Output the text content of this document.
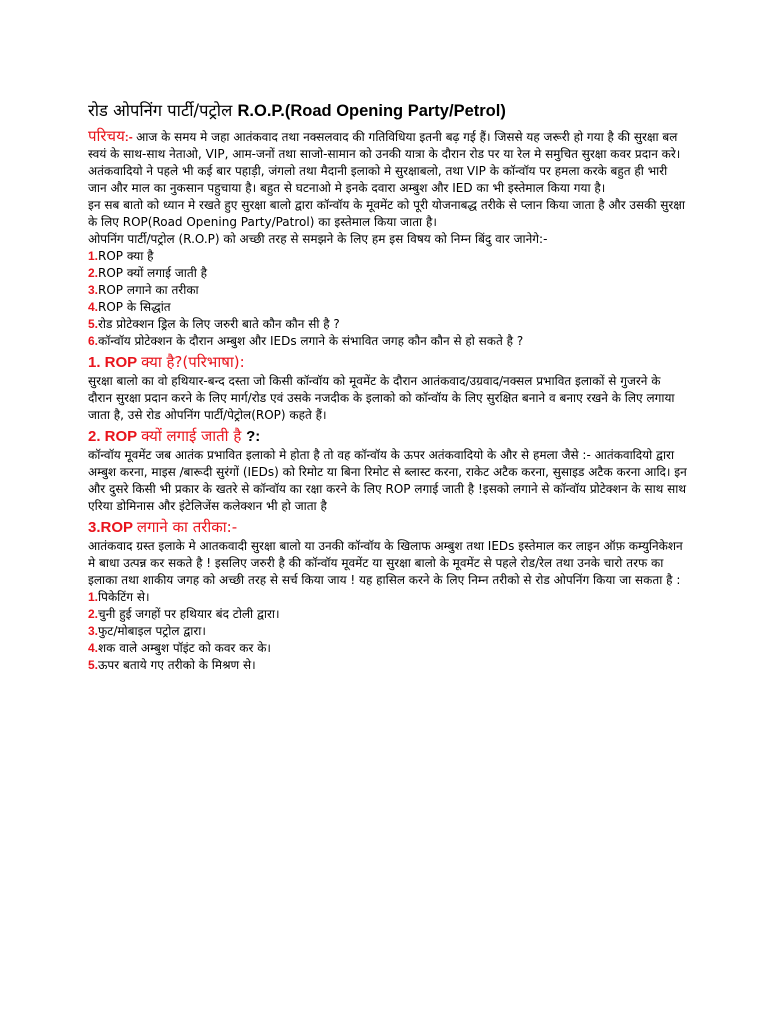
रोड ओपनिंग पार्टी/पट्रोल R.O.P.(Road Opening Party/Petrol)

परिचय:- आज के समय मे जहा आतंकवाद तथा नक्सलवाद की गतिविधिया इतनी बढ़ गई हैं। जिससे यह जरूरी हो गया है की सुरक्षा बल स्वयं के साथ-साथ नेताओ, VIP, आम-जनों तथा साजो-सामान को उनकी यात्रा के दौरान रोड पर या रेल मे समुचित सुरक्षा कवर प्रदान करे।

अतंकवादियो ने पहले भी कई बार पहाड़ी, जंगलो तथा मैदानी इलाको मे सुरक्षाबलो, तथा VIP के कॉन्वॉय पर हमला करके बहुत ही भारी जान और माल का नुकसान पहुचाया है। बहुत से घटनाओ मे इनके दवारा अम्बुश और IED का भी इस्तेमाल किया गया है।

इन सब बातो को ध्यान मे रखते हुए सुरक्षा बालो द्वारा कॉन्वॉय के मूवमेंट को पूरी योजनाबद्ध तरीके से प्लान किया जाता है और उसकी सुरक्षा के लिए ROP(Road Opening Party/Patrol) का इस्तेमाल किया जाता है।

ओपनिंग पार्टी/पट्रोल (R.O.P) को अच्छी तरह से समझने के लिए हम इस विषय को निम्न बिंदु वार जानेगे:-

1.ROP क्या है

2.ROP क्यों लगाई जाती है

3.ROP लगाने का तरीका

4.ROP के सिद्धांत

5.रोड प्रोटेक्शन ड्रिल के लिए जरुरी बाते कौन कौन सी है ?

6.कॉन्वॉय प्रोटेक्शन के दौरान अम्बुश और IEDs लगाने के संभावित जगह कौन कौन से हो सकते है ?

1. ROP क्या है?(परिभाषा):

सुरक्षा बालो का वो हथियार-बन्द दस्ता जो किसी कॉन्वॉय को मूवमेंट के दौरान आतंकवाद/उग्रवाद/नक्सल प्रभावित इलाकों से गुजरने के दौरान सुरक्षा प्रदान करने के लिए मार्ग/रोड एवं उसके नजदीक के इलाको को कॉन्वॉय के लिए सुरक्षित बनाने व बनाए रखने के लिए लगाया जाता है, उसे रोड ओपनिंग पार्टी/पेट्रोल(ROP) कहते हैं।

2. ROP क्यों लगाई जाती है ?:

कॉन्वॉय मूवमेंट जब आतंक प्रभावित इलाको मे होता है तो वह कॉन्वॉय के ऊपर अतंकवादियो के और से हमला जैसे :- आतंकवादियो द्वारा अम्बुश करना, माइस /बारूदी सुरंगों (IEDs) को रिमोट या बिना रिमोट से ब्लास्ट करना, राकेट अटैक करना, सुसाइड अटैक करना आदि। इन और दुसरे किसी भी प्रकार के खतरे से कॉन्वॉय का रक्षा करने के लिए ROP लगाई जाती है !इसको लगाने से कॉन्वॉय प्रोटेक्शन के साथ साथ एरिया डोमिनास और इंटेलिजेंस कलेक्शन भी हो जाता है

3.ROP लगाने का तरीका:-

आतंकवाद ग्रस्त इलाके मे आतकवादी सुरक्षा बालो या उनकी कॉन्वॉय के खिलाफ अम्बुश तथा IEDs इस्तेमाल कर लाइन ऑफ़ कम्युनिकेशन मे बाधा उत्पन्न कर सकते है ! इसलिए जरुरी है की कॉन्वॉय मूवमेंट या सुरक्षा बालो के मूवमेंट से पहले रोड/रेल तथा उनके चारो तरफ का इलाका तथा शाकीय जगह को अच्छी तरह से सर्च किया जाय ! यह हासिल करने के लिए निम्न तरीको से रोड ओपनिंग किया जा सकता है :

1.पिकेटिंग से।

2.चुनी हुई जगहों पर हथियार बंद टोली द्वारा।

3.फुट/मोबाइल पट्रोल द्वारा।

4.शक वाले अम्बुश पॉइंट को कवर कर के।

5.ऊपर बताये गए तरीको के मिश्रण से।
